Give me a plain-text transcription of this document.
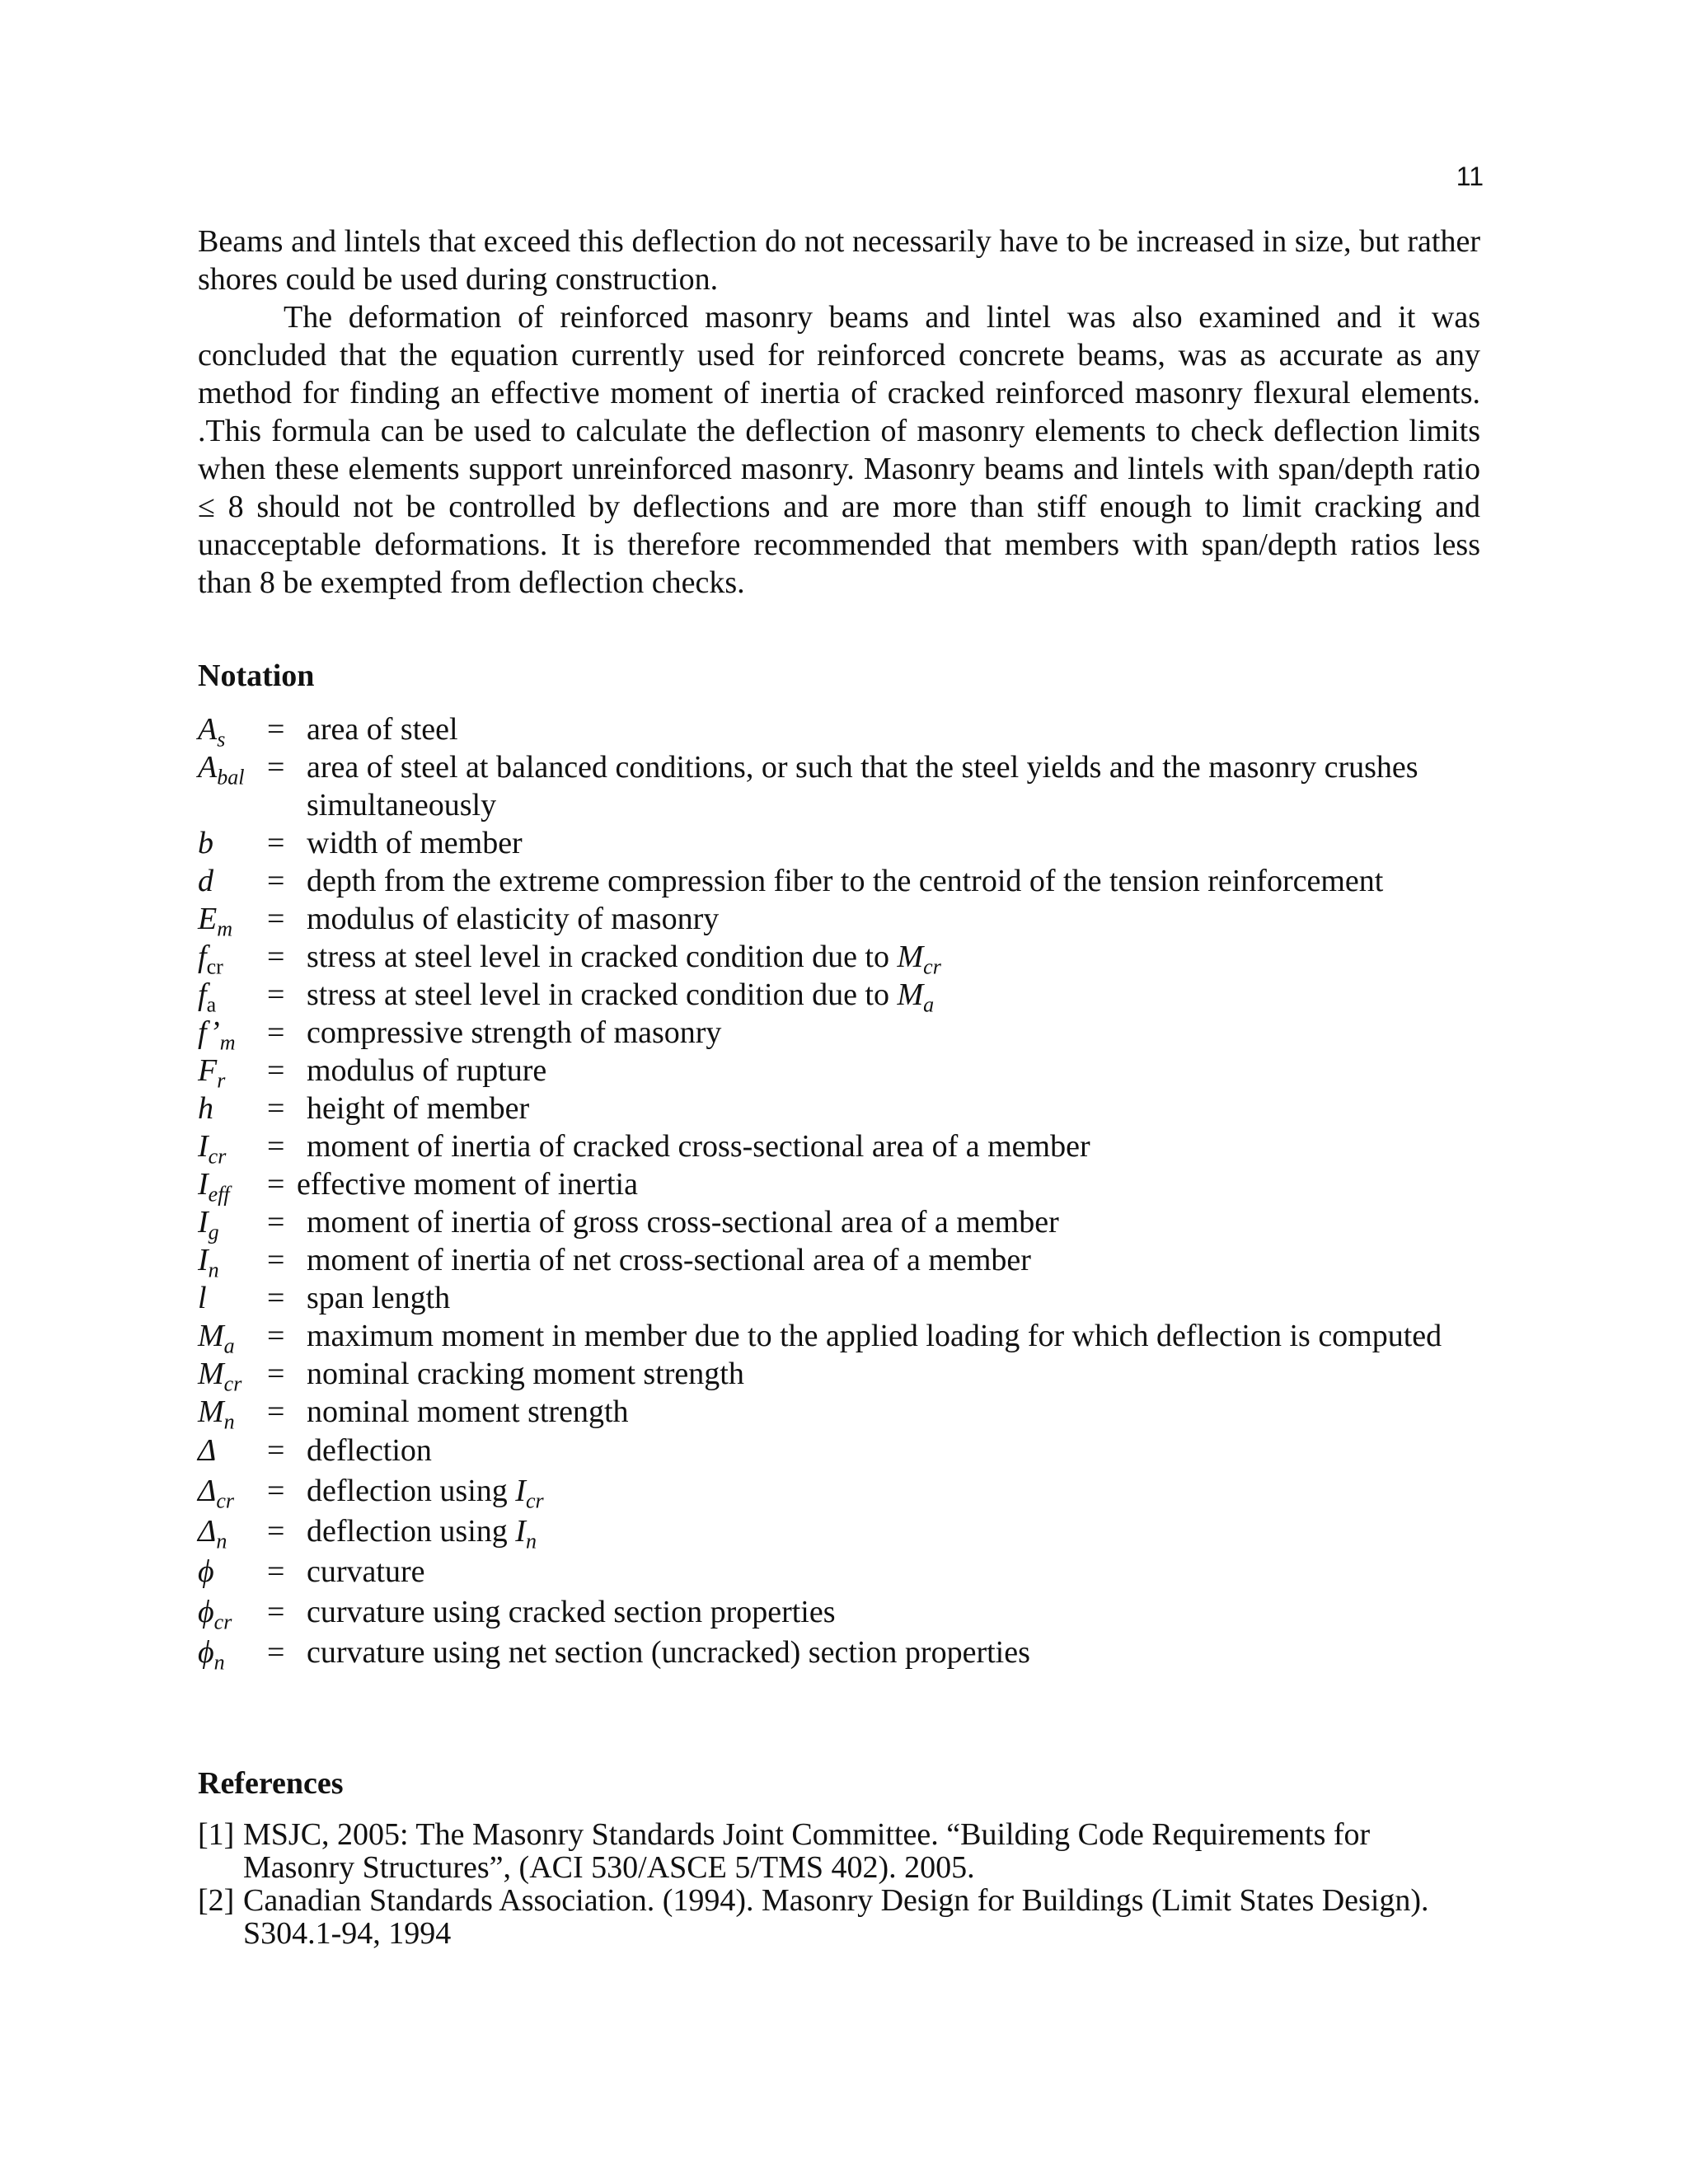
11

Beams and lintels that exceed this deflection do not necessarily have to be increased in size, but rather shores could be used during construction.

The deformation of reinforced masonry beams and lintel was also examined and it was concluded that the equation currently used for reinforced concrete beams, was as accurate as any method for finding an effective moment of inertia of cracked reinforced masonry flexural elements. .This formula can be used to calculate the deflection of masonry elements to check deflection limits when these elements support unreinforced masonry. Masonry beams and lintels with span/depth ratio ≤ 8 should not be controlled by deflections and are more than stiff enough to limit cracking and unacceptable deformations. It is therefore recommended that members with span/depth ratios less than 8 be exempted from deflection checks.

Notation
$A_s$	= area of steel
$A_{bal}$ = area of steel at balanced conditions, or such that the steel yields and the masonry crushes simultaneously
b	= width of member
d	= depth from the extreme compression fiber to the centroid of the tension reinforcement
$E_m$	= modulus of elasticity of masonry
$f_{cr}$	= stress at steel level in cracked condition due to $M_{cr}$
$f_a$	= stress at steel level in cracked condition due to $M_a$
$f’_m$	= compressive strength of masonry
$F_r$	= modulus of rupture
h	= height of member
$I_{cr}$	= moment of inertia of cracked cross-sectional area of a member
$I_{eff}$	= effective moment of inertia
$I_g$	= moment of inertia of gross cross-sectional area of a member
$I_n$	= moment of inertia of net cross-sectional area of a member
l	= span length
$M_a$	= maximum moment in member due to the applied loading for which deflection is computed
$M_{cr}$ = nominal cracking moment strength
$M_n$	= nominal moment strength
Δ	= deflection
$\Delta_{cr}$	= deflection using $I_{cr}$
$\Delta_n$	= deflection using $I_n$
ϕ	= curvature
$\phi_{cr}$	= curvature using cracked section properties
$\phi_n$	= curvature using net section (uncracked) section properties
References
[1] MSJC, 2005: The Masonry Standards Joint Committee. “Building Code Requirements for Masonry Structures”, (ACI 530/ASCE 5/TMS 402). 2005.
[2] Canadian Standards Association. (1994). Masonry Design for Buildings (Limit States Design). S304.1-94, 1994
